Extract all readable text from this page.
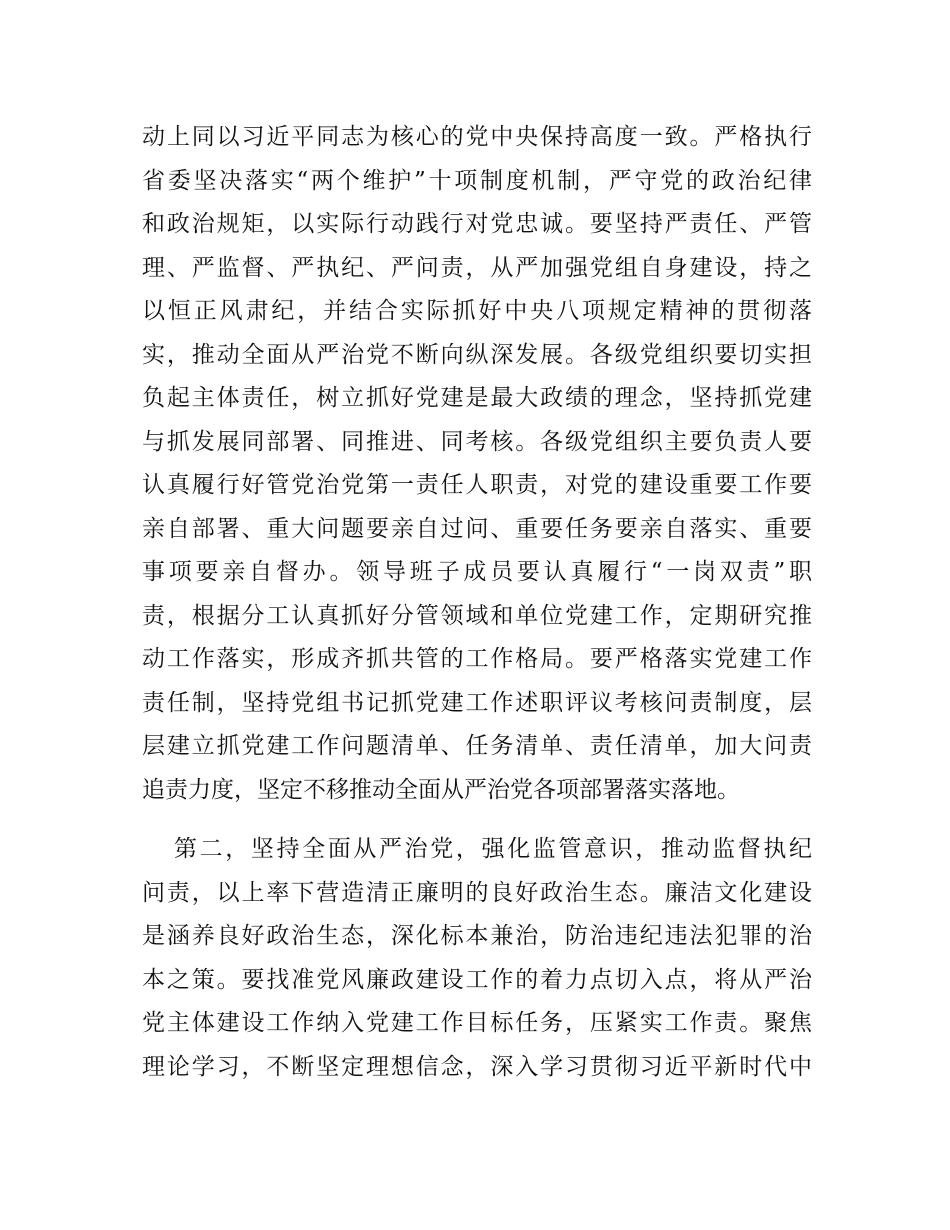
动上同以习近平同志为核心的党中央保持高度一致。严格执行
省委坚决落实“两个维护”十项制度机制，严守党的政治纪律
和政治规矩，以实际行动践行对党忠诚。要坚持严责任、严管
理、严监督、严执纪、严问责，从严加强党组自身建设，持之
以恒正风肃纪，并结合实际抓好中央八项规定精神的贯彻落
实，推动全面从严治党不断向纵深发展。各级党组织要切实担
负起主体责任，树立抓好党建是最大政绩的理念，坚持抓党建
与抓发展同部署、同推进、同考核。各级党组织主要负责人要
认真履行好管党治党第一责任人职责，对党的建设重要工作要
亲自部署、重大问题要亲自过问、重要任务要亲自落实、重要
事项要亲自督办。领导班子成员要认真履行“一岗双责”职
责，根据分工认真抓好分管领域和单位党建工作，定期研究推
动工作落实，形成齐抓共管的工作格局。要严格落实党建工作
责任制，坚持党组书记抓党建工作述职评议考核问责制度，层
层建立抓党建工作问题清单、任务清单、责任清单，加大问责
追责力度，坚定不移推动全面从严治党各项部署落实落地。
第二，坚持全面从严治党，强化监管意识，推动监督执纪
问责，以上率下营造清正廉明的良好政治生态。廉洁文化建设
是涵养良好政治生态，深化标本兼治，防治违纪违法犯罪的治
本之策。要找准党风廉政建设工作的着力点切入点，将从严治
党主体建设工作纳入党建工作目标任务，压紧实工作责。聚焦
理论学习，不断坚定理想信念，深入学习贯彻习近平新时代中
